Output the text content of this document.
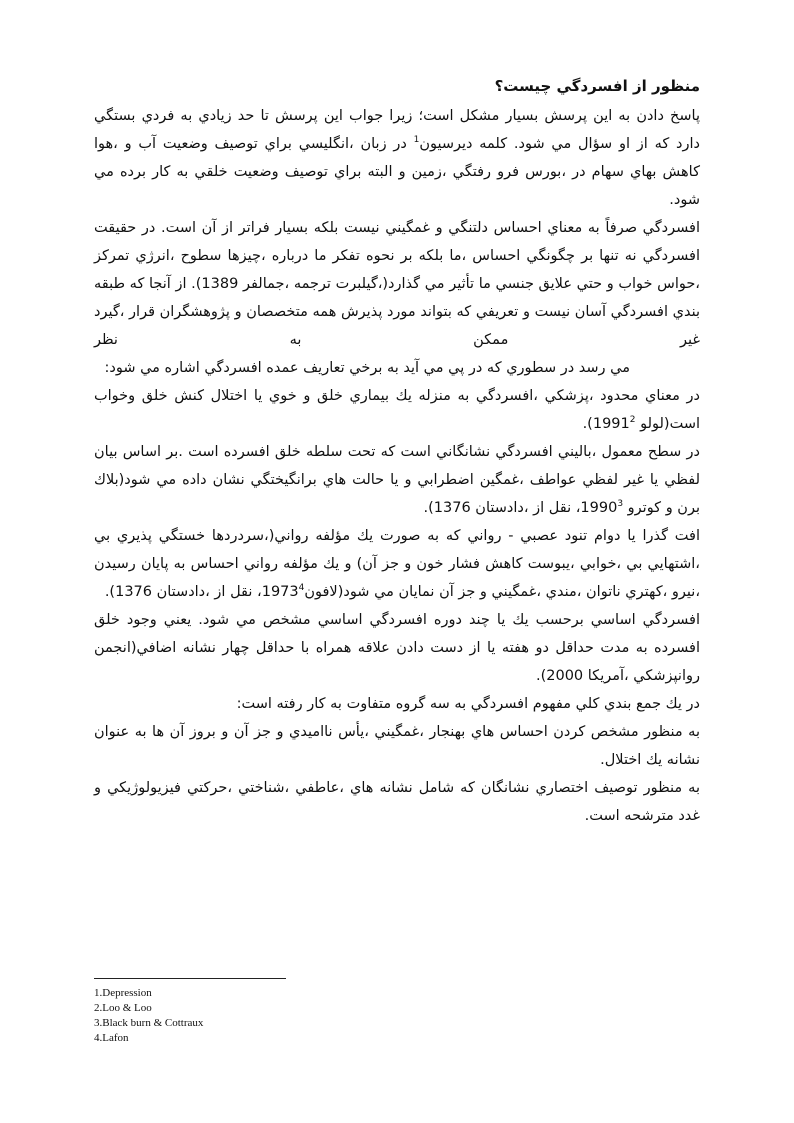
منظور از افسردگي چيست؟

پاسخ دادن به اين پرسش بسيار مشكل است؛ زيرا جواب اين پرسش تا حد زيادي به فردي بستگي دارد كه از او سؤال مي شود. كلمه ديرسيون$^1$ در زبان ،انگليسي براي توصيف وضعيت آب و ،هوا كاهش بهاي سهام در ،بورس فرو رفتگي ،زمين و البته براي توصيف وضعيت خلقي به كار برده مي شود.

افسردگي صرفاً به معناي احساس دلتنگي و غمگيني نيست بلكه بسيار فراتر از آن است. در حقيقت افسردگي نه تنها بر چگونگي احساس ،ما بلكه بر نحوه تفكر ما درباره ،چيزها سطوح ،انرژي تمركز ،حواس خواب و حتي علايق جنسي ما تأثير مي گذارد(،گيلبرت ترجمه ،جمالفر 1389). از آنجا كه طبقه بندي افسردگي آسان نيست و تعريفي كه بتواند مورد پذيرش همه متخصصان و پژوهشگران قرار ،گيرد غير ممكن به نظر

مي رسد در سطوري كه در پي مي آيد به برخي تعاريف عمده افسردگي اشاره مي شود:

در معناي محدود ،پزشكي ،افسردگي به منزله يك بيماري خلق و خوي يا اختلال كنش خلق وخواب است(لولو 1991$^2$).

در سطح معمول ،باليني افسردگي نشانگاني است كه تحت سلطه خلق افسرده است .بر اساس بيان لفظي يا غير لفظي عواطف ،غمگين اضطرابي و يا حالت هاي برانگيختگي نشان داده مي شود(بلاك برن و كوترو 1990$^3$، نقل از ،دادستان 1376).

افت گذرا يا دوام تنود عصبي - رواني كه به صورت يك مؤلفه رواني(،سردردها خستگي پذيري بي ،اشتهايي بي ،خوابي ،يبوست كاهش فشار خون و جز آن) و يك مؤلفه رواني احساس به پايان رسيدن ،نيرو ،كهتري ناتوان ،مندي ،غمگيني و جز آن نمايان مي شود(لافون1973$^4$، نقل از ،دادستان 1376).

افسردگي اساسي برحسب يك يا چند دوره افسردگي اساسي مشخص مي شود. يعني وجود خلق افسرده به مدت حداقل دو هفته يا از دست دادن علاقه همراه با حداقل چهار نشانه اضافي(انجمن روانپزشكي ،آمريكا 2000).

در يك جمع بندي كلي مفهوم افسردگي به سه گروه متفاوت به كار رفته است:

به منظور مشخص كردن احساس هاي بهنجار ،غمگيني ،يأس نااميدي و جز آن و بروز آن ها به عنوان نشانه يك اختلال.

به منظور توصيف اختصاري نشانگان كه شامل نشانه هاي ،عاطفي ،شناختي ،حركتي فيزيولوژيكي و غدد مترشحه است.

1.Depression
2.Loo & Loo
3.Black burn & Cottraux
4.Lafon
